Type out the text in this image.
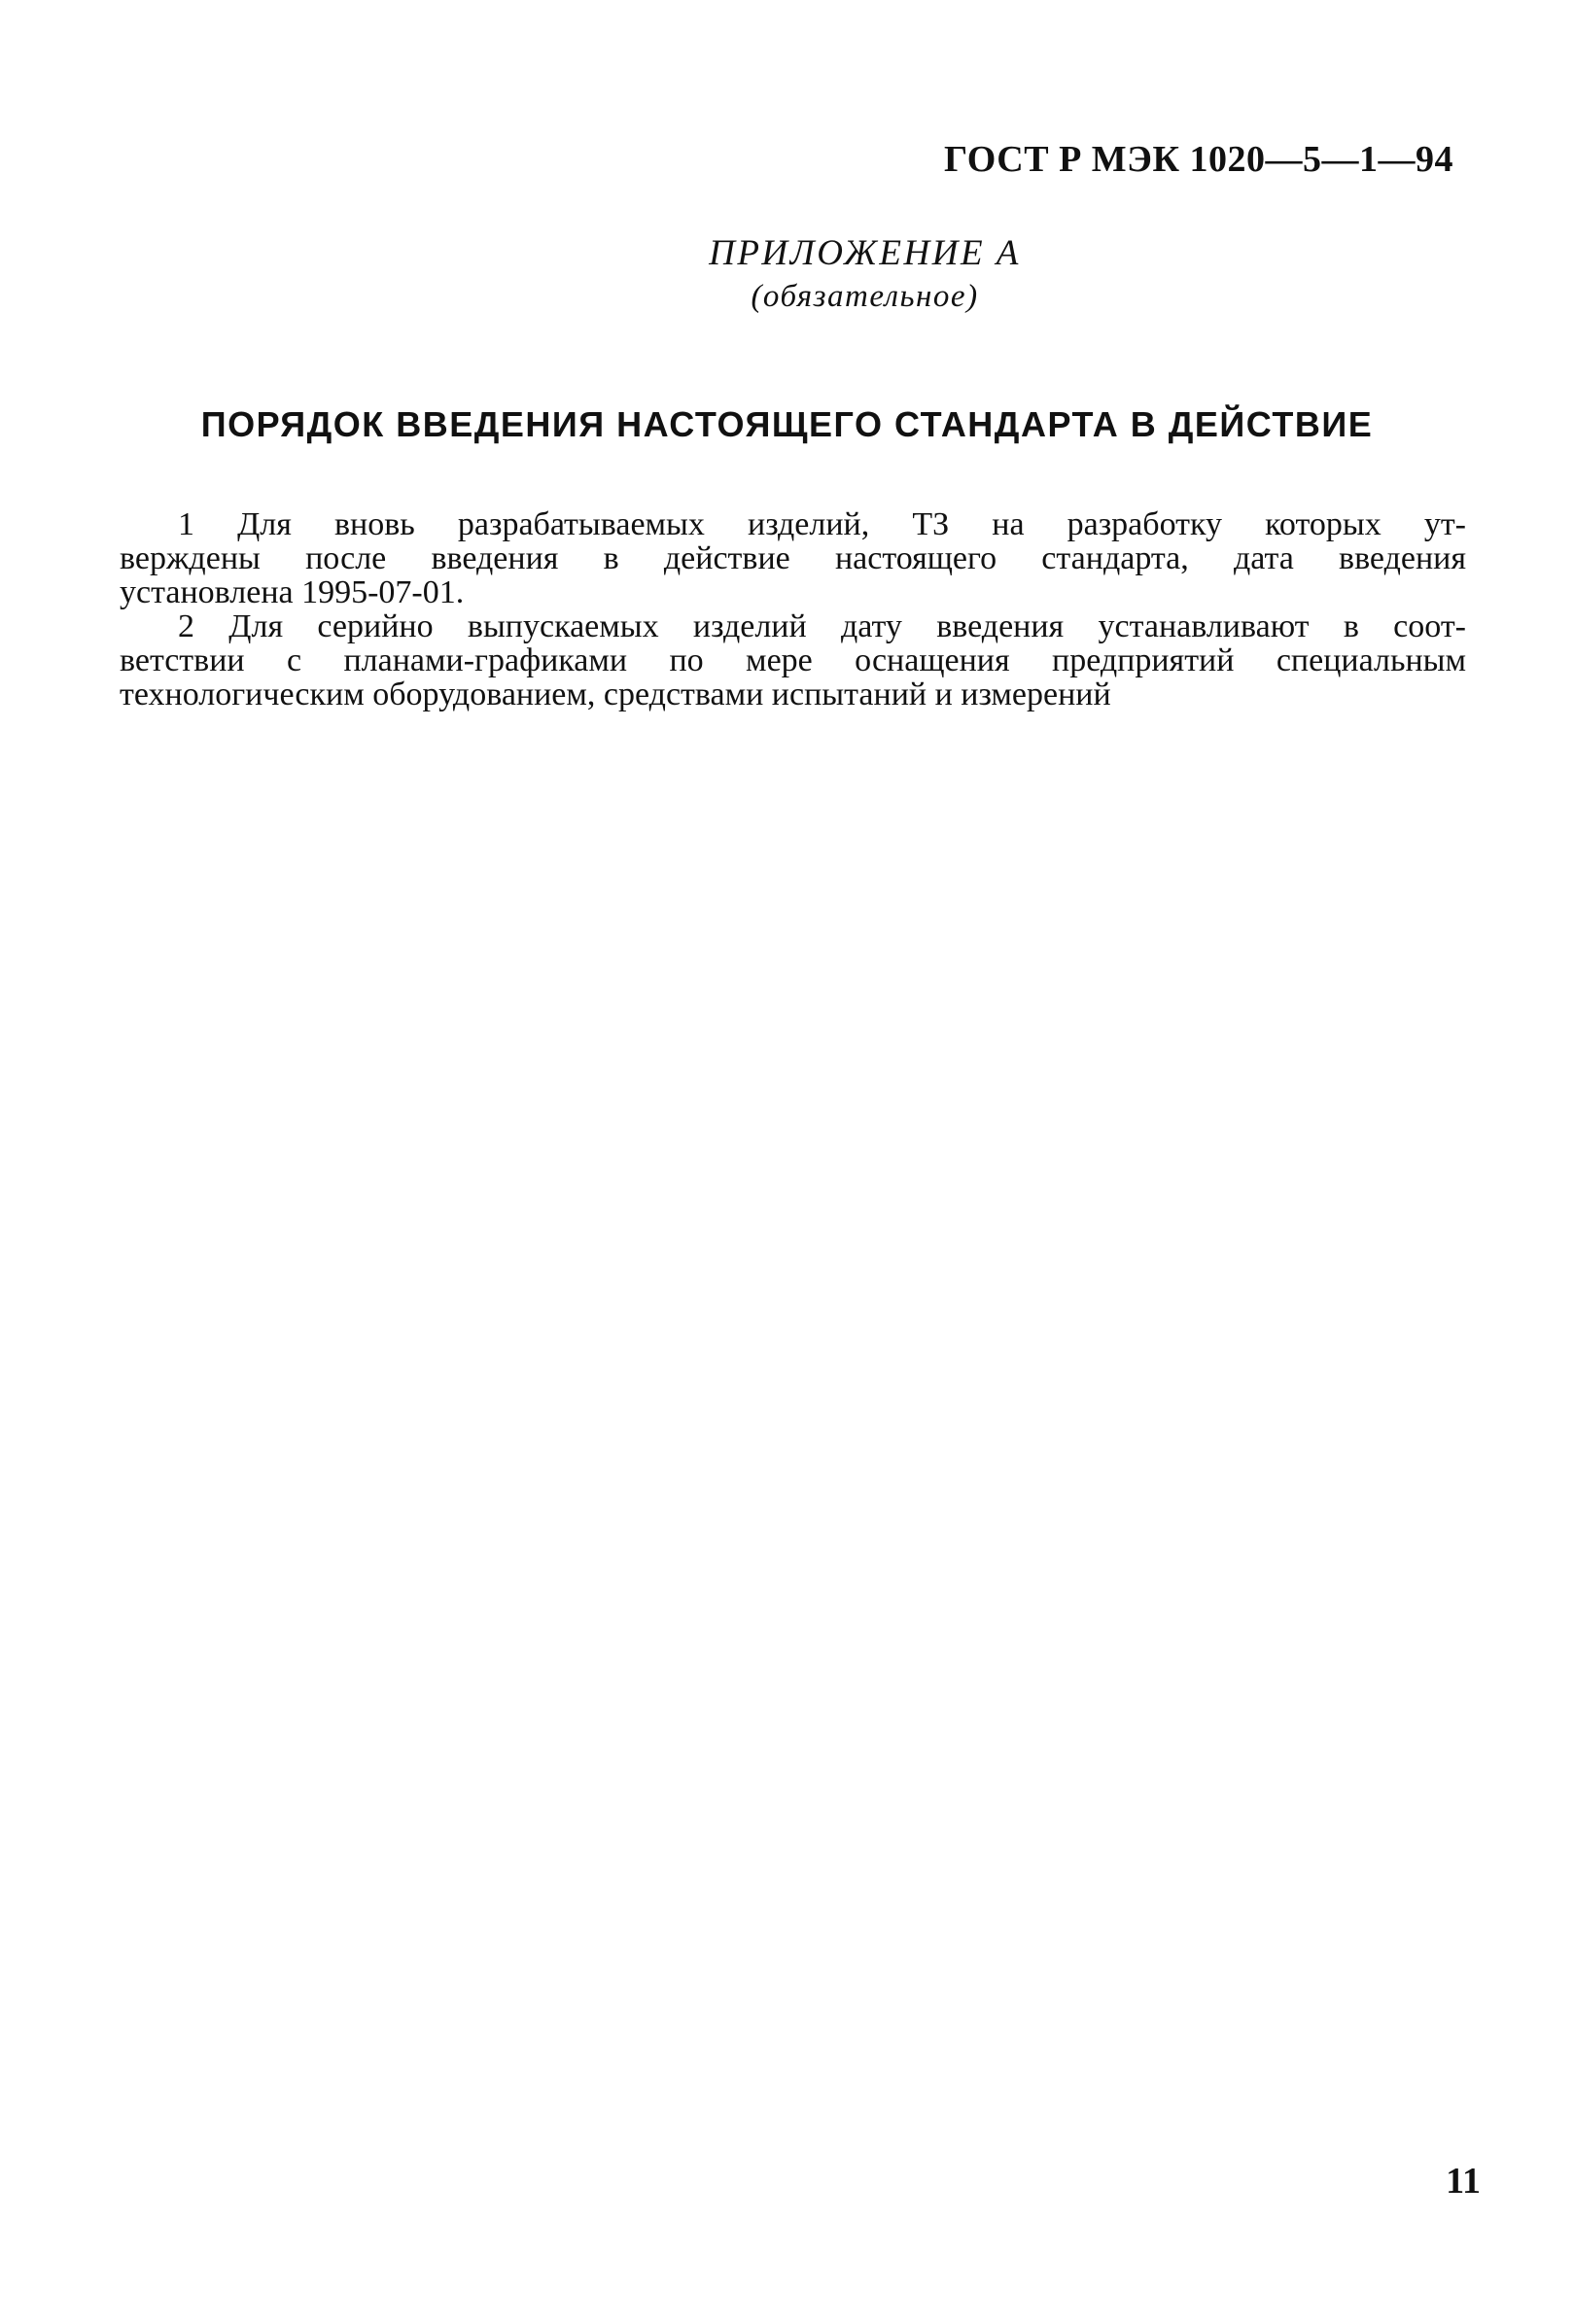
ГОСТ Р МЭК 1020—5—1—94
ПРИЛОЖЕНИЕ А
(обязательное)
ПОРЯДОК ВВЕДЕНИЯ НАСТОЯЩЕГО СТАНДАРТА В ДЕЙСТВИЕ

1 Для вновь разрабатываемых изделий, ТЗ на разработку которых ут-
верждены после введения в действие настоящего стандарта, дата введения
установлена 1995-07-01.

2 Для серийно выпускаемых изделий дату введения устанавливают в соот-
ветствии с планами-графиками по мере оснащения предприятий специальным
технологическим оборудованием, средствами испытаний и измерений

11
